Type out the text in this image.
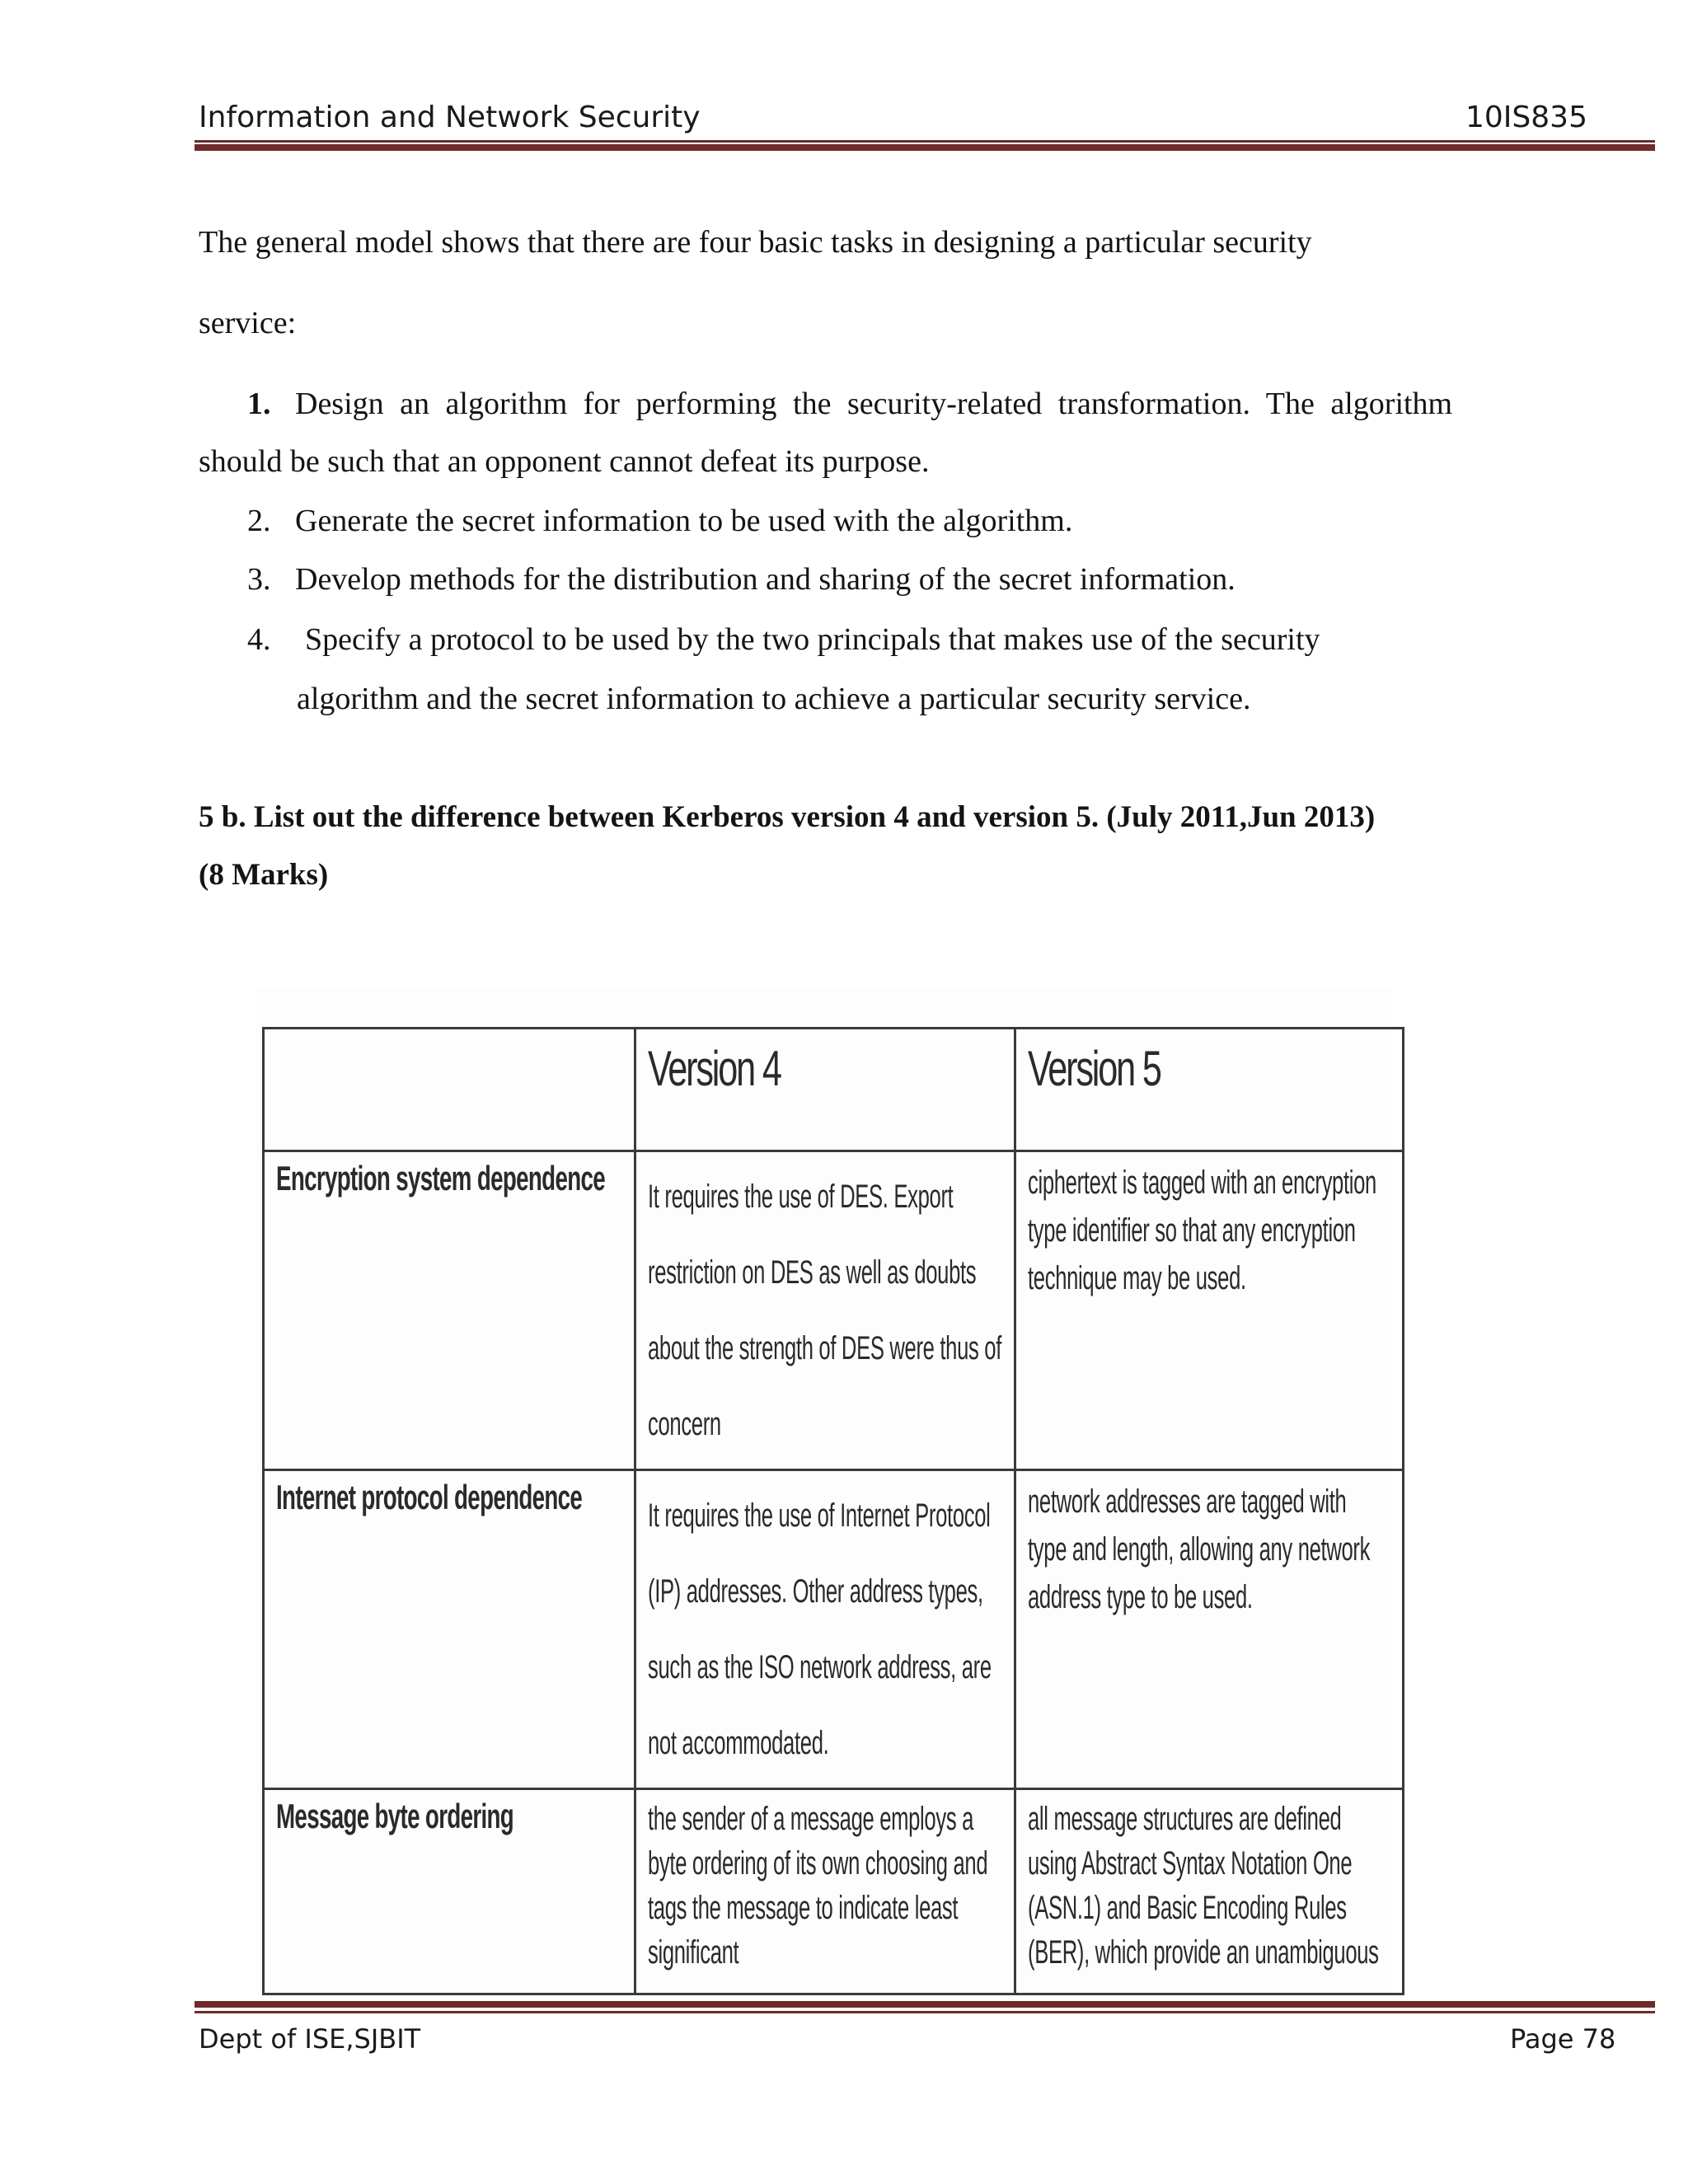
Information and Network Security	10IS835

The general model shows that there are four basic tasks in designing a particular security

service:

1. Design an algorithm for performing the security-related transformation. The algorithm

should be such that an opponent cannot defeat its purpose.

2. Generate the secret information to be used with the algorithm.

3. Develop methods for the distribution and sharing of the secret information.

4. Specify a protocol to be used by the two principals that makes use of the security

algorithm and the secret information to achieve a particular security service.

5 b. List out the difference between Kerberos version 4 and version 5. (July 2011,Jun 2013)

(8 Marks)

	Version 4	Version 5
Encryption system dependence	It requires the use of DES. Export restriction on DES as well as doubts about the strength of DES were thus of concern	ciphertext is tagged with an encryption type identifier so that any encryption technique may be used.
Internet protocol dependence	It requires the use of Internet Protocol (IP) addresses. Other address types, such as the ISO network address, are not accommodated.	network addresses are tagged with type and length, allowing any network address type to be used.
Message byte ordering	the sender of a message employs a byte ordering of its own choosing and tags the message to indicate least significant	all message structures are defined using Abstract Syntax Notation One (ASN.1) and Basic Encoding Rules (BER), which provide an unambiguous
Dept of ISE,SJBIT	Page 78
